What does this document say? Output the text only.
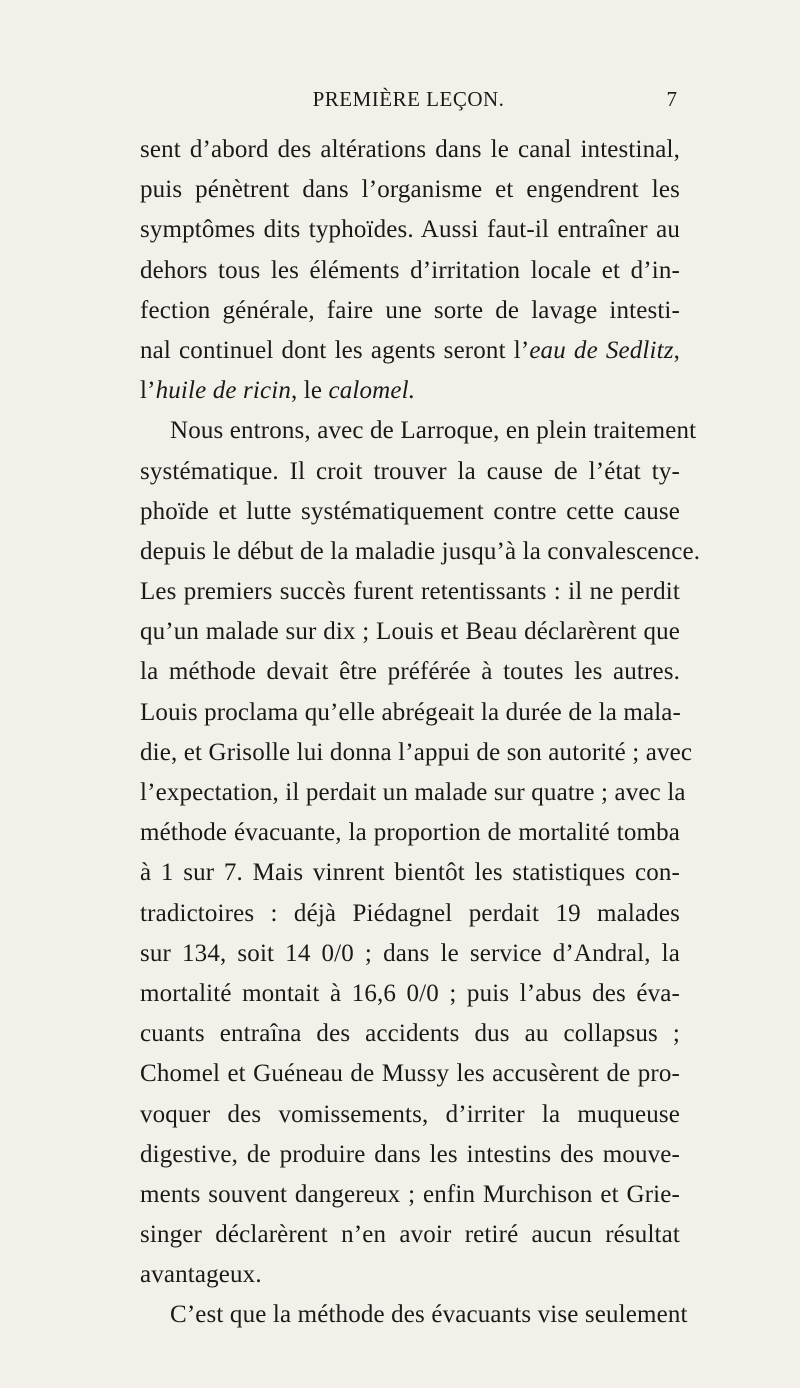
PREMIÈRE LEÇON.	7
sent d’abord des altérations dans le canal intestinal,
puis pénètrent dans l’organisme et engendrent les
symptômes dits typhoïdes. Aussi faut-il entraîner au
dehors tous les éléments d’irritation locale et d’in-
fection générale, faire une sorte de lavage intesti-
nal continuel dont les agents seront l’eau de Sedlitz,
l’huile de ricin, le calomel.
Nous entrons, avec de Larroque, en plein traitement
systématique. Il croit trouver la cause de l’état ty-
phoïde et lutte systématiquement contre cette cause
depuis le début de la maladie jusqu’à la convalescence.
Les premiers succès furent retentissants : il ne perdit
qu’un malade sur dix ; Louis et Beau déclarèrent que
la méthode devait être préférée à toutes les autres.
Louis proclama qu’elle abrégeait la durée de la mala-
die, et Grisolle lui donna l’appui de son autorité ; avec
l’expectation, il perdait un malade sur quatre ; avec la
méthode évacuante, la proportion de mortalité tomba
à 1 sur 7. Mais vinrent bientôt les statistiques con-
tradictoires : déjà Piédagnel perdait 19 malades
sur 134, soit 14 0/0 ; dans le service d’Andral, la
mortalité montait à 16,6 0/0 ; puis l’abus des éva-
cuants entraîna des accidents dus au collapsus ;
Chomel et Guéneau de Mussy les accusèrent de pro-
voquer des vomissements, d’irriter la muqueuse
digestive, de produire dans les intestins des mouve-
ments souvent dangereux ; enfin Murchison et Grie-
singer déclarèrent n’en avoir retiré aucun résultat
avantageux.
C’est que la méthode des évacuants vise seulement
